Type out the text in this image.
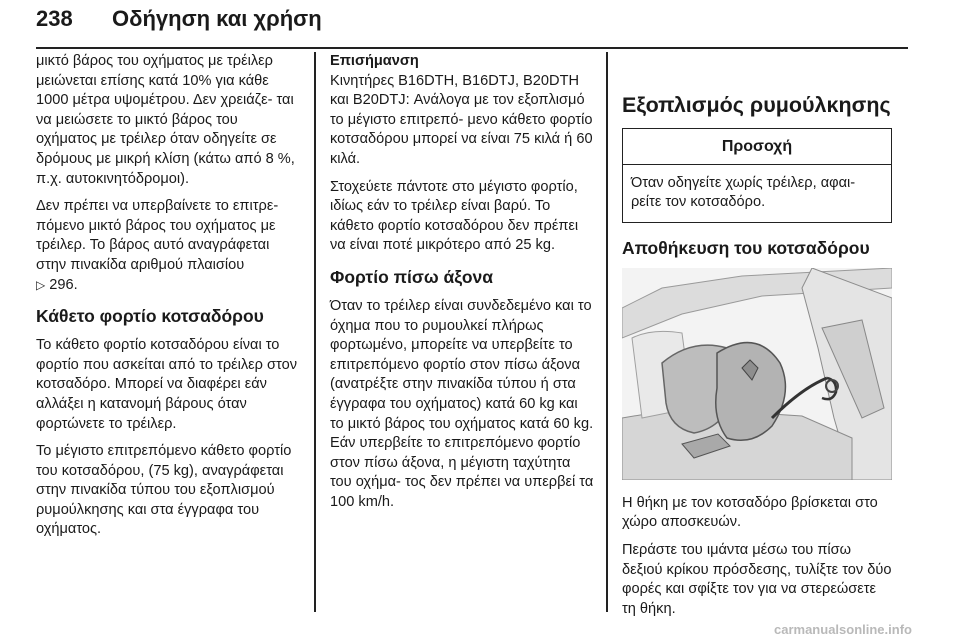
238 Οδήγηση και χρήση

μικτό βάρος του οχήματος με τρέιλερ μειώνεται επίσης κατά 10% για κάθε 1000 μέτρα υψομέτρου. Δεν χρειάζε‐ ται να μειώσετε το μικτό βάρος του οχήματος με τρέιλερ όταν οδηγείτε σε δρόμους με μικρή κλίση (κάτω από 8 %, π.χ. αυτοκινητόδρομοι).

Δεν πρέπει να υπερβαίνετε το επιτρε‐ πόμενο μικτό βάρος του οχήματος με τρέιλερ. Το βάρος αυτό αναγράφεται στην πινακίδα αριθμού πλαισίου
▷ 296.

Κάθετο φορτίο κοτσαδόρου

Το κάθετο φορτίο κοτσαδόρου είναι το φορτίο που ασκείται από το τρέιλερ στον κοτσαδόρο. Μπορεί να διαφέρει εάν αλλάξει η κατανομή βάρους όταν φορτώνετε το τρέιλερ.

Το μέγιστο επιτρεπόμενο κάθετο φορτίο του κοτσαδόρου, (75 kg), αναγράφεται στην πινακίδα τύπου του εξοπλισμού ρυμούλκησης και στα έγγραφα του οχήματος.

Επισήμανση
Κινητήρες B16DTH, B16DTJ, B20DTH και B20DTJ: Ανάλογα με τον εξοπλισμό το μέγιστο επιτρεπό‐ μενο κάθετο φορτίο κοτσαδόρου μπορεί να είναι 75 κιλά ή 60 κιλά.

Στοχεύετε πάντοτε στο μέγιστο φορτίο, ιδίως εάν το τρέιλερ είναι βαρύ. Το κάθετο φορτίο κοτσαδόρου δεν πρέπει να είναι ποτέ μικρότερο από 25 kg.

Φορτίο πίσω άξονα

Όταν το τρέιλερ είναι συνδεδεμένο και το όχημα που το ρυμουλκεί πλήρως φορτωμένο, μπορείτε να υπερβείτε το επιτρεπόμενο φορτίο στον πίσω άξονα (ανατρέξτε στην πινακίδα τύπου ή στα έγγραφα του οχήματος) κατά 60 kg και το μικτό βάρος του οχήματος κατά 60 kg. Εάν υπερβείτε το επιτρεπόμενο φορτίο στον πίσω άξονα, η μέγιστη ταχύτητα του οχήμα‐ τος δεν πρέπει να υπερβεί τα 100 km/h.

Εξοπλισμός ρυμούλκησης
Προσοχή
Όταν οδηγείτε χωρίς τρέιλερ, αφαι‐ ρείτε τον κοτσαδόρο.
Αποθήκευση του κοτσαδόρου

Η θήκη με τον κοτσαδόρο βρίσκεται στο χώρο αποσκευών.

Περάστε του ιμάντα μέσω του πίσω δεξιού κρίκου πρόσδεσης, τυλίξτε τον δύο φορές και σφίξτε τον για να στερεώσετε τη θήκη.

carmanualsonline.info
